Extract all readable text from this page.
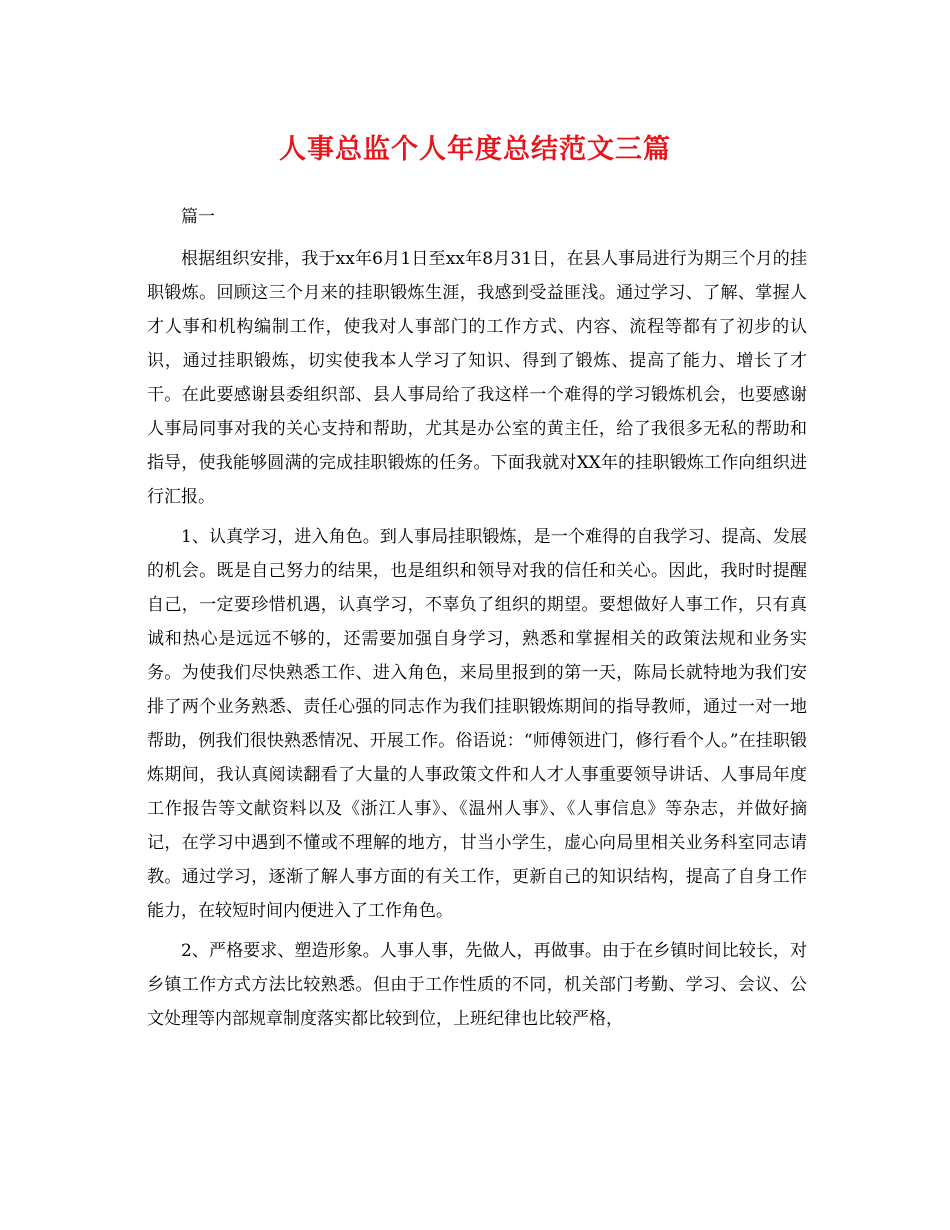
人事总监个人年度总结范文三篇

篇一

根据组织安排，我于xx年6月1日至xx年8月31日，在县人事局进行为期三个月的挂职锻炼。回顾这三个月来的挂职锻炼生涯，我感到受益匪浅。通过学习、了解、掌握人才人事和机构编制工作，使我对人事部门的工作方式、内容、流程等都有了初步的认识，通过挂职锻炼，切实使我本人学习了知识、得到了锻炼、提高了能力、增长了才干。在此要感谢县委组织部、县人事局给了我这样一个难得的学习锻炼机会，也要感谢人事局同事对我的关心支持和帮助，尤其是办公室的黄主任，给了我很多无私的帮助和指导，使我能够圆满的完成挂职锻炼的任务。下面我就对XX年的挂职锻炼工作向组织进行汇报。

1、认真学习，进入角色。到人事局挂职锻炼，是一个难得的自我学习、提高、发展的机会。既是自己努力的结果，也是组织和领导对我的信任和关心。因此，我时时提醒自己，一定要珍惜机遇，认真学习，不辜负了组织的期望。要想做好人事工作，只有真诚和热心是远远不够的，还需要加强自身学习，熟悉和掌握相关的政策法规和业务实务。为使我们尽快熟悉工作、进入角色，来局里报到的第一天，陈局长就特地为我们安排了两个业务熟悉、责任心强的同志作为我们挂职锻炼期间的指导教师，通过一对一地帮助，例我们很快熟悉情况、开展工作。俗语说：“师傅领进门，修行看个人。”在挂职锻炼期间，我认真阅读翻看了大量的人事政策文件和人才人事重要领导讲话、人事局年度工作报告等文献资料以及《浙江人事》、《温州人事》、《人事信息》等杂志，并做好摘记，在学习中遇到不懂或不理解的地方，甘当小学生，虚心向局里相关业务科室同志请教。通过学习，逐渐了解人事方面的有关工作，更新自己的知识结构，提高了自身工作能力，在较短时间内便进入了工作角色。

2、严格要求、塑造形象。人事人事，先做人，再做事。由于在乡镇时间比较长，对乡镇工作方式方法比较熟悉。但由于工作性质的不同，机关部门考勤、学习、会议、公文处理等内部规章制度落实都比较到位，上班纪律也比较严格，
